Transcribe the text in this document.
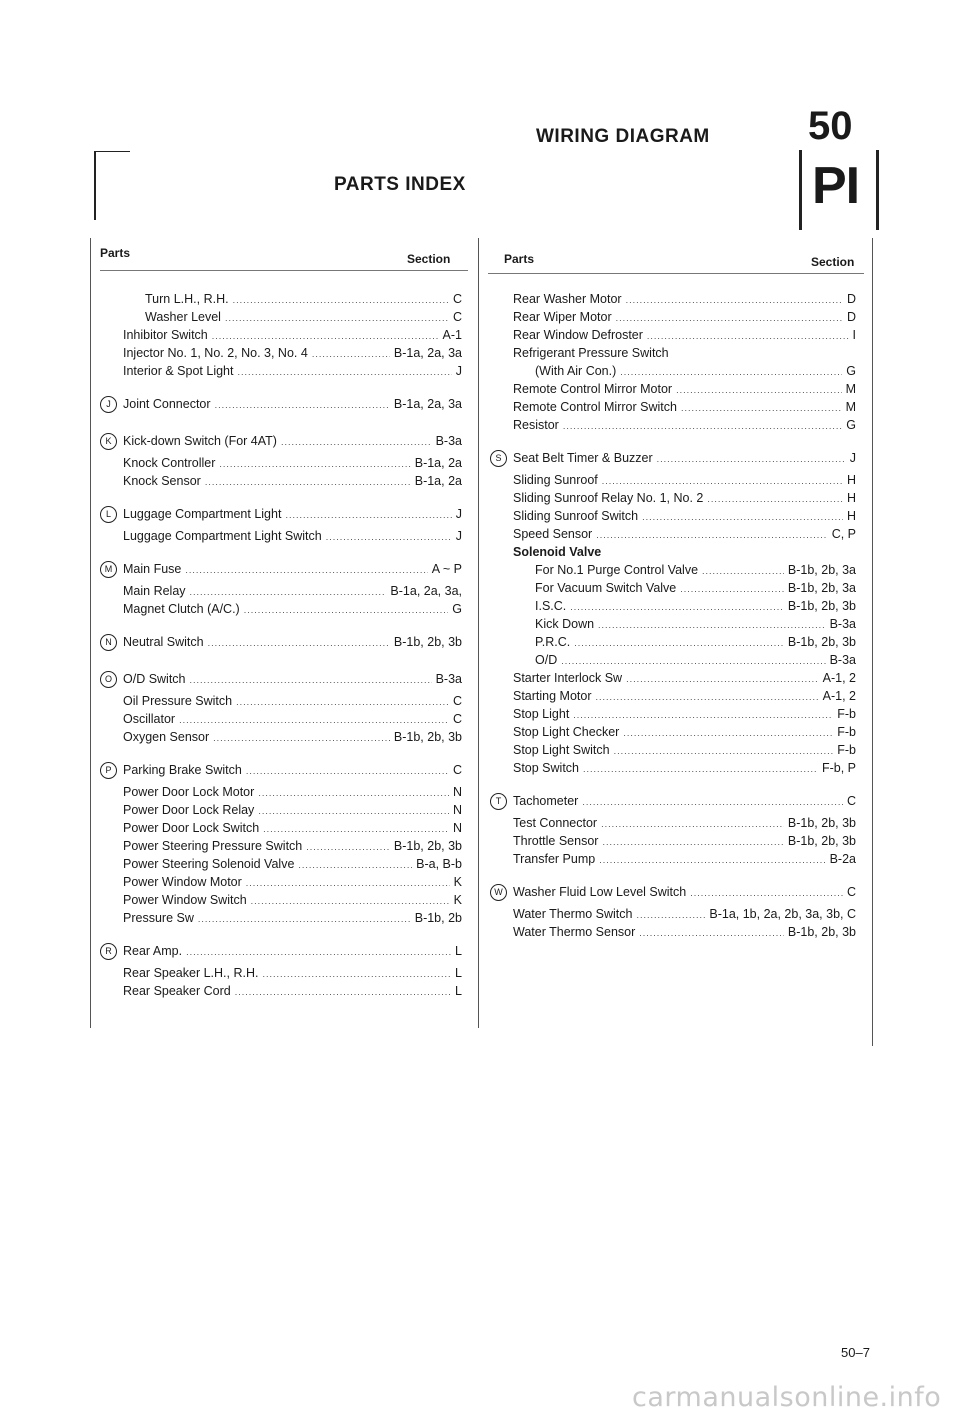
WIRING DIAGRAM 50
PARTS INDEX	PI
Parts	Section	Parts	Section
Turn L.H., R.H. .....	C
Washer Level .....	C
Inhibitor Switch .....	A-1
Injector No. 1, No. 2, No. 3, No. 4 .....	B-1a, 2a, 3a
Interior & Spot Light .....	J
J Joint Connector .....	B-1a, 2a, 3a
K Kick-down Switch (For 4AT) .....	B-3a
Knock Controller .....	B-1a, 2a
Knock Sensor .....	B-1a, 2a
L Luggage Compartment Light .....	J
Luggage Compartment Light Switch .....	J
M Main Fuse .....	A ~ P
Main Relay .....	B-1a, 2a, 3a,
Magnet Clutch (A/C.) .....	G
N Neutral Switch .....	B-1b, 2b, 3b
O O/D Switch .....	B-3a
Oil Pressure Switch .....	C
Oscillator .....	C
Oxygen Sensor .....	B-1b, 2b, 3b
P Parking Brake Switch .....	C
Power Door Lock Motor .....	N
Power Door Lock Relay .....	N
Power Door Lock Switch .....	N
Power Steering Pressure Switch .....	B-1b, 2b, 3b
Power Steering Solenoid Valve .....	B-a, B-b
Power Window Motor .....	K
Power Window Switch .....	K
Pressure Sw .....	B-1b, 2b
R Rear Amp. .....	L
Rear Speaker L.H., R.H. .....	L
Rear Speaker Cord .....	L
Rear Washer Motor .....	D
Rear Wiper Motor .....	D
Rear Window Defroster .....	I
Refrigerant Pressure Switch
(With Air Con.) .....	G
Remote Control Mirror Motor .....	M
Remote Control Mirror Switch .....	M
Resistor .....	G
S Seat Belt Timer & Buzzer .....	J
Sliding Sunroof .....	H
Sliding Sunroof Relay No. 1, No. 2 .....	H
Sliding Sunroof Switch .....	H
Speed Sensor .....	C, P
Solenoid Valve
For No.1 Purge Control Valve .....	B-1b, 2b, 3a
For Vacuum Switch Valve .....	B-1b, 2b, 3a
I.S.C. .....	B-1b, 2b, 3b
Kick Down .....	B-3a
P.R.C. .....	B-1b, 2b, 3b
O/D .....	B-3a
Starter Interlock Sw .....	A-1, 2
Starting Motor .....	A-1, 2
Stop Light .....	F-b
Stop Light Checker .....	F-b
Stop Light Switch .....	F-b
Stop Switch .....	F-b, P
T Tachometer .....	C
Test Connector .....	B-1b, 2b, 3b
Throttle Sensor .....	B-1b, 2b, 3b
Transfer Pump .....	B-2a
W Washer Fluid Low Level Switch .....	C
Water Thermo Switch .....	B-1a, 1b, 2a, 2b, 3a, 3b, C
Water Thermo Sensor .....	B-1b, 2b, 3b
50–7
carmanualsonline.info
